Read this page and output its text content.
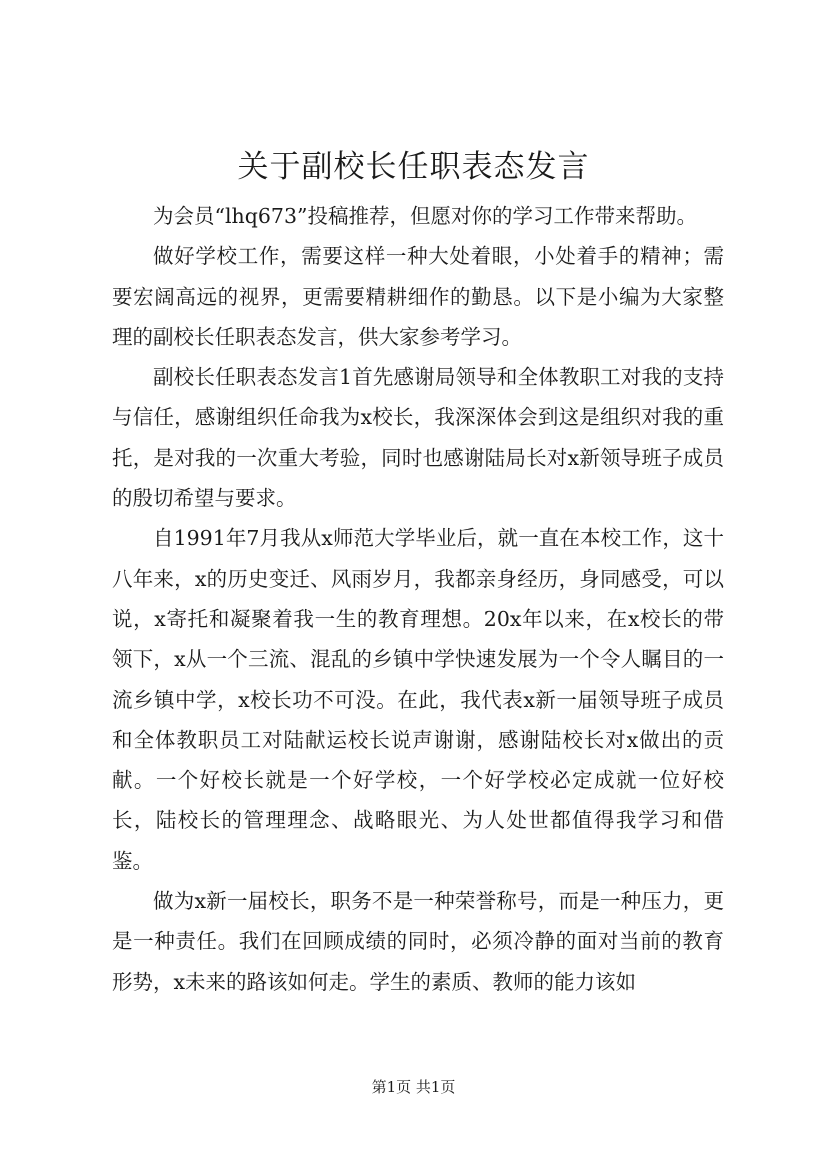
关于副校长任职表态发言

为会员“lhq673”投稿推荐，但愿对你的学习工作带来帮助。

做好学校工作，需要这样一种大处着眼，小处着手的精神；需要宏阔高远的视界，更需要精耕细作的勤恳。以下是小编为大家整理的副校长任职表态发言，供大家参考学习。

副校长任职表态发言1首先感谢局领导和全体教职工对我的支持与信任，感谢组织任命我为x校长，我深深体会到这是组织对我的重托，是对我的一次重大考验，同时也感谢陆局长对x新领导班子成员的殷切希望与要求。

自1991年7月我从x师范大学毕业后，就一直在本校工作，这十八年来，x的历史变迁、风雨岁月，我都亲身经历，身同感受，可以说，x寄托和凝聚着我一生的教育理想。20x年以来，在x校长的带领下，x从一个三流、混乱的乡镇中学快速发展为一个令人瞩目的一流乡镇中学，x校长功不可没。在此，我代表x新一届领导班子成员和全体教职员工对陆献运校长说声谢谢，感谢陆校长对x做出的贡献。一个好校长就是一个好学校，一个好学校必定成就一位好校长，陆校长的管理理念、战略眼光、为人处世都值得我学习和借鉴。

做为x新一届校长，职务不是一种荣誉称号，而是一种压力，更是一种责任。我们在回顾成绩的同时，必须冷静的面对当前的教育形势，x未来的路该如何走。学生的素质、教师的能力该如

第1页 共1页
